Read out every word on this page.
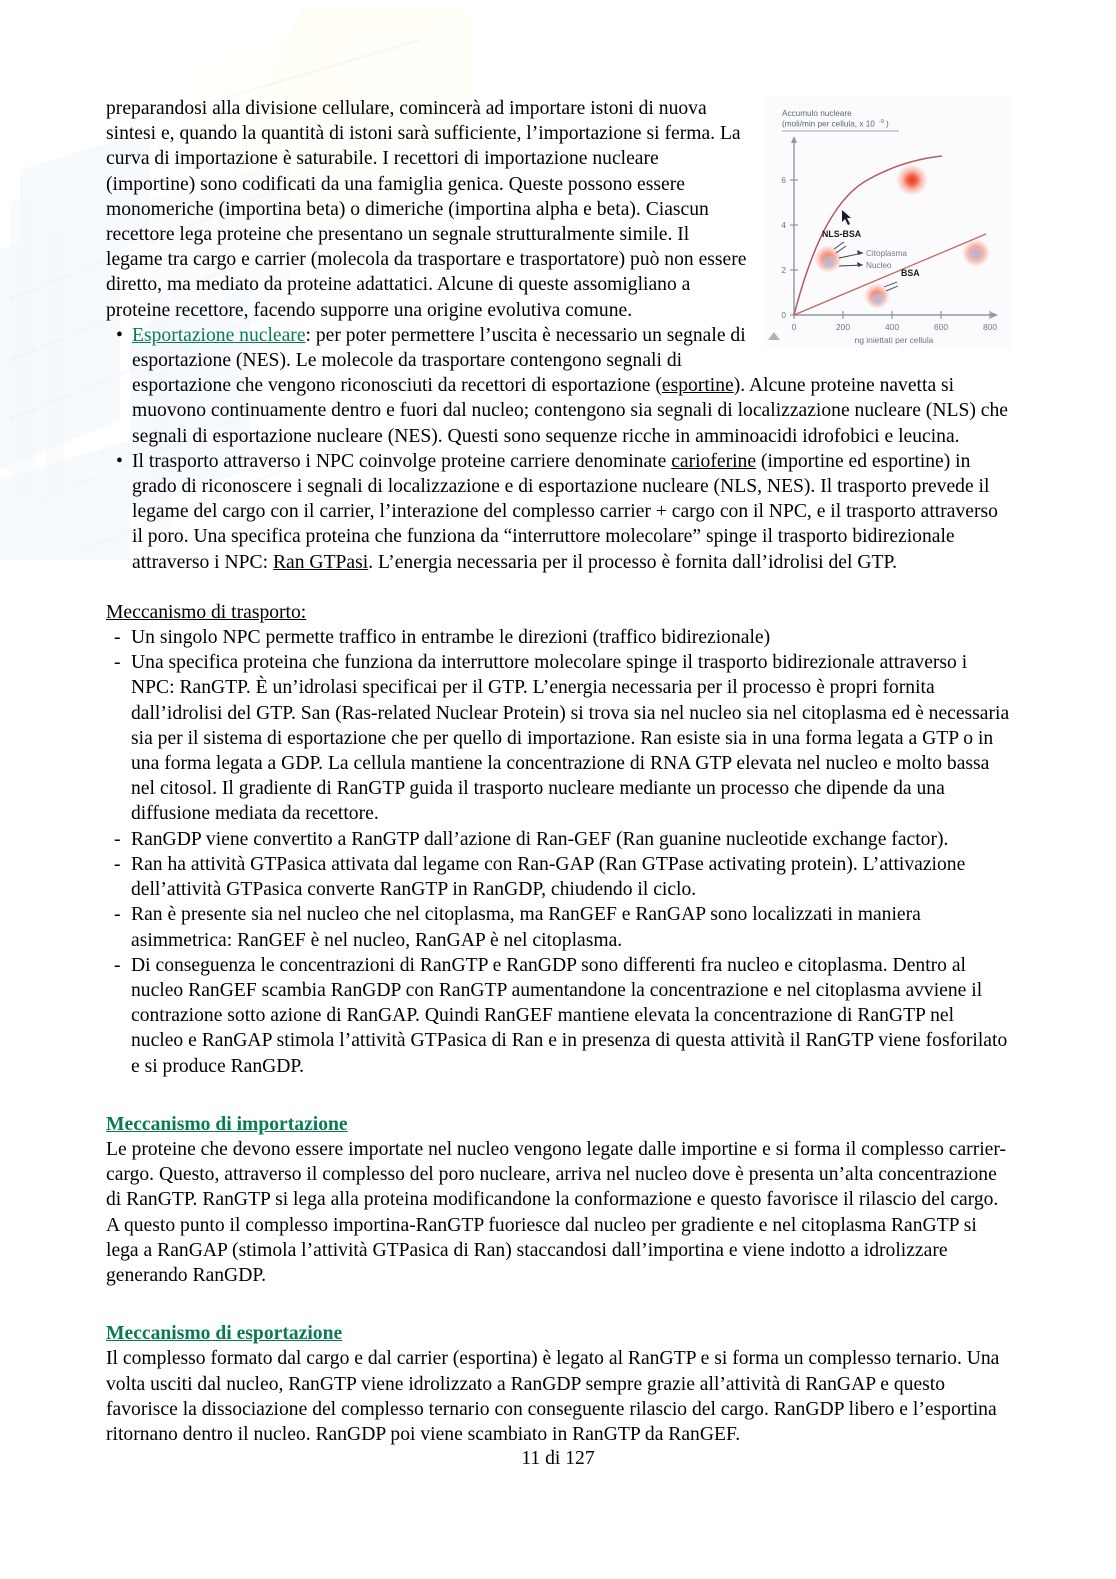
Accumulo nucleare
(moli/min per cellula, x 10 -9 )
0
2
4
6
0	200	400	600	800
ng iniettati per cellula
NLS-BSA
BSA
Citoplasma
Nucleo
preparandosi alla divisione cellulare, comincerà ad importare istoni di nuova sintesi e, quando la quantità di istoni sarà sufficiente, l’importazione si ferma. La curva di importazione è saturabile. I recettori di importazione nucleare (importine) sono codificati da una famiglia genica. Queste possono essere monomeriche (importina beta) o dimeriche (importina alpha e beta). Ciascun recettore lega proteine che presentano un segnale strutturalmente simile. Il legame tra cargo e carrier (molecola da trasportare e trasportatore) può non essere diretto, ma mediato da proteine adattatici. Alcune di queste assomigliano a proteine recettore, facendo supporre una origine evolutiva comune.
• Esportazione nucleare: per poter permettere l’uscita è necessario un segnale di esportazione (NES). Le molecole da trasportare contengono segnali di esportazione che vengono riconosciuti da recettori di esportazione (esportine). Alcune proteine navetta si muovono continuamente dentro e fuori dal nucleo; contengono sia segnali di localizzazione nucleare (NLS) che segnali di esportazione nucleare (NES). Questi sono sequenze ricche in amminoacidi idrofobici e leucina.
• Il trasporto attraverso i NPC coinvolge proteine carriere denominate carioferine (importine ed esportine) in grado di riconoscere i segnali di localizzazione e di esportazione nucleare (NLS, NES). Il trasporto prevede il legame del cargo con il carrier, l’interazione del complesso carrier + cargo con il NPC, e il trasporto attraverso il poro. Una specifica proteina che funziona da “interruttore molecolare” spinge il trasporto bidirezionale attraverso i NPC: Ran GTPasi. L’energia necessaria per il processo è fornita dall’idrolisi del GTP.
Meccanismo di trasporto:
- Un singolo NPC permette traffico in entrambe le direzioni (traffico bidirezionale)
- Una specifica proteina che funziona da interruttore molecolare spinge il trasporto bidirezionale attraverso i NPC: RanGTP. È un’idrolasi specificai per il GTP. L’energia necessaria per il processo è propri fornita dall’idrolisi del GTP. San (Ras-related Nuclear Protein) si trova sia nel nucleo sia nel citoplasma ed è necessaria sia per il sistema di esportazione che per quello di importazione. Ran esiste sia in una forma legata a GTP o in una forma legata a GDP. La cellula mantiene la concentrazione di RNA GTP elevata nel nucleo e molto bassa nel citosol. Il gradiente di RanGTP guida il trasporto nucleare mediante un processo che dipende da una diffusione mediata da recettore.
- RanGDP viene convertito a RanGTP dall’azione di Ran-GEF (Ran guanine nucleotide exchange factor).
- Ran ha attività GTPasica attivata dal legame con Ran-GAP (Ran GTPase activating protein). L’attivazione dell’attività GTPasica converte RanGTP in RanGDP, chiudendo il ciclo.
- Ran è presente sia nel nucleo che nel citoplasma, ma RanGEF e RanGAP sono localizzati in maniera asimmetrica: RanGEF è nel nucleo, RanGAP è nel citoplasma.
- Di conseguenza le concentrazioni di RanGTP e RanGDP sono differenti fra nucleo e citoplasma. Dentro al nucleo RanGEF scambia RanGDP con RanGTP aumentandone la concentrazione e nel citoplasma avviene il contrazione sotto azione di RanGAP. Quindi RanGEF mantiene elevata la concentrazione di RanGTP nel nucleo e RanGAP stimola l’attività GTPasica di Ran e in presenza di questa attività il RanGTP viene fosforilato e si produce RanGDP.
Meccanismo di importazione
Le proteine che devono essere importate nel nucleo vengono legate dalle importine e si forma il complesso carrier-cargo. Questo, attraverso il complesso del poro nucleare, arriva nel nucleo dove è presenta un’alta concentrazione di RanGTP. RanGTP si lega alla proteina modificandone la conformazione e questo favorisce il rilascio del cargo. A questo punto il complesso importina-RanGTP fuoriesce dal nucleo per gradiente e nel citoplasma RanGTP si lega a RanGAP (stimola l’attività GTPasica di Ran) staccandosi dall’importina e viene indotto a idrolizzare generando RanGDP.
Meccanismo di esportazione
Il complesso formato dal cargo e dal carrier (esportina) è legato al RanGTP e si forma un complesso ternario. Una volta usciti dal nucleo, RanGTP viene idrolizzato a RanGDP sempre grazie all’attività di RanGAP e questo favorisce la dissociazione del complesso ternario con conseguente rilascio del cargo. RanGDP libero e l’esportina ritornano dentro il nucleo. RanGDP poi viene scambiato in RanGTP da RanGEF.
11 di 127
